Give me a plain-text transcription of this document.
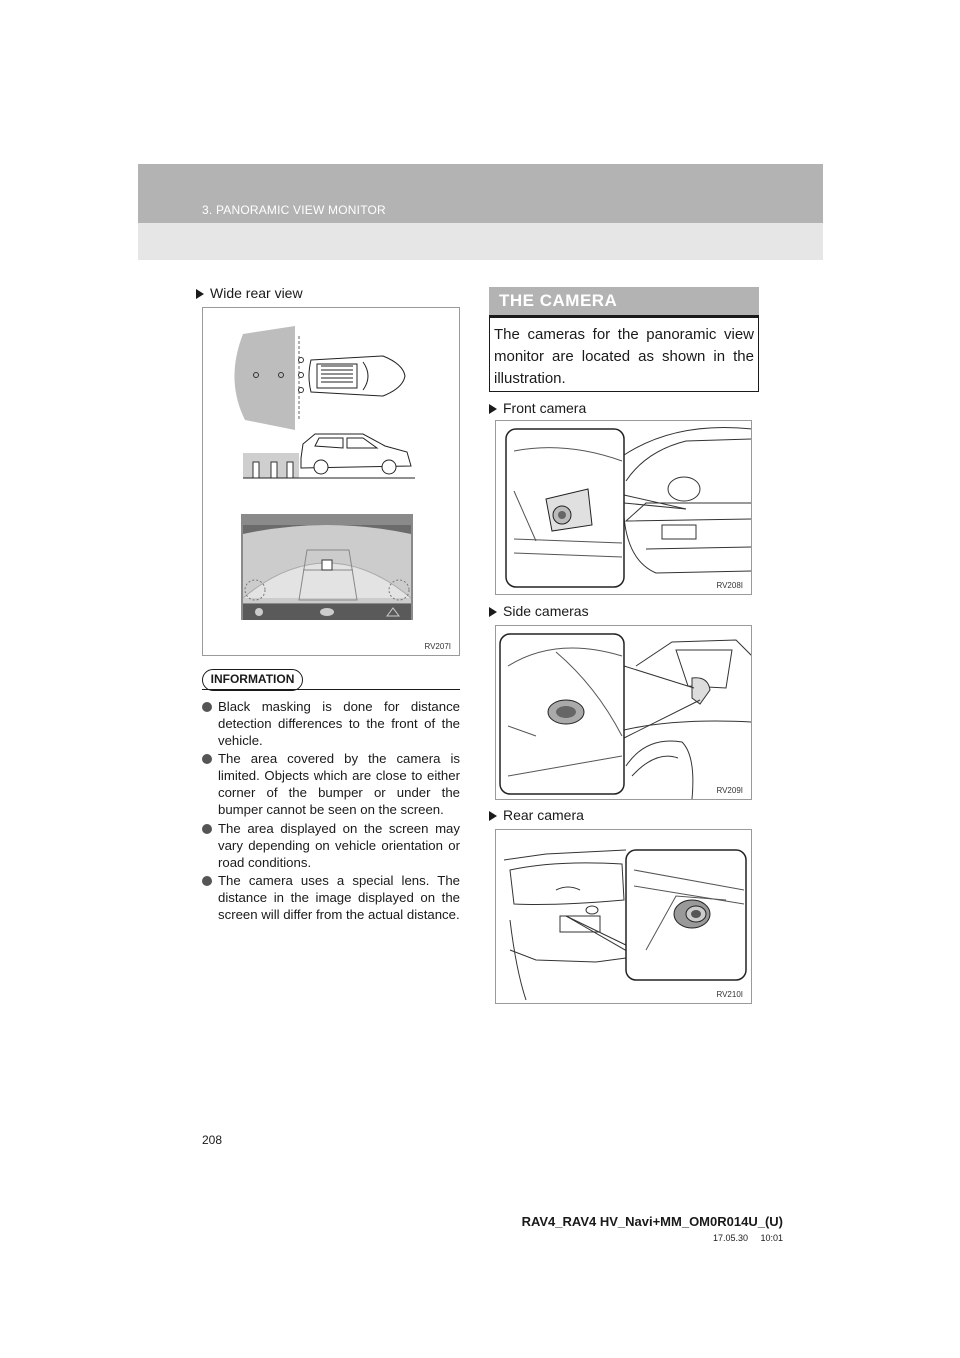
3. PANORAMIC VIEW MONITOR
Wide rear view
RV207I
INFORMATION
Black masking is done for distance detection differences to the front of the vehicle.
The area covered by the camera is limited. Objects which are close to either corner of the bumper or under the bumper cannot be seen on the screen.
The area displayed on the screen may vary depending on vehicle orientation or road conditions.
The camera uses a special lens. The distance in the image displayed on the screen will differ from the actual distance.
THE CAMERA
The cameras for the panoramic view monitor are located as shown in the illustration.
Front camera
RV208I
Side cameras
RV209I
Rear camera
RV210I
208
RAV4_RAV4 HV_Navi+MM_OM0R014U_(U)
17.05.30     10:01
